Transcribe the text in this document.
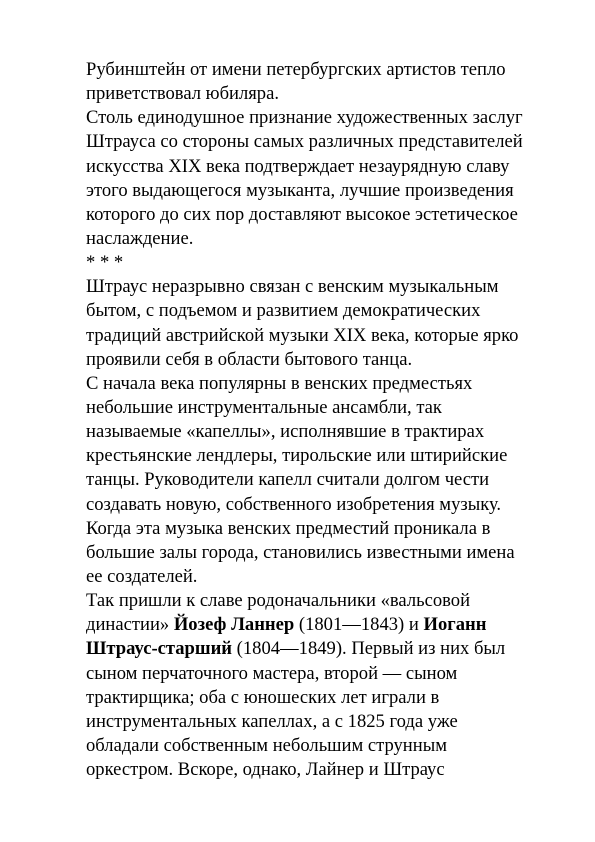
Рубинштейн от имени петербургских артистов тепло
приветствовал юбиляра.
Столь единодушное признание художественных заслуг
Штрауса со стороны самых различных представителей
искусства XIX века подтверждает незаурядную славу
этого выдающегося музыканта, лучшие произведения
которого до сих пор доставляют высокое эстетическое
наслаждение.
* * *
Штраус неразрывно связан с венским музыкальным
бытом, с подъемом и развитием демократических
традиций австрийской музыки XIX века, которые ярко
проявили себя в области бытового танца.
С начала века популярны в венских предместьях
небольшие инструментальные ансамбли, так
называемые «капеллы», исполнявшие в трактирах
крестьянские лендлеры, тирольские или штирийские
танцы. Руководители капелл считали долгом чести
создавать новую, собственного изобретения музыку.
Когда эта музыка венских предместий проникала в
большие залы города, становились известными имена
ее создателей.
Так пришли к славе родоначальники «вальсовой
династии» Йозеф Ланнер (1801—1843) и Иоганн
Штраус-старший (1804—1849). Первый из них был
сыном перчаточного мастера, второй — сыном
трактирщика; оба с юношеских лет играли в
инструментальных капеллах, а с 1825 года уже
обладали собственным небольшим струнным
оркестром. Вскоре, однако, Лайнер и Штраус
